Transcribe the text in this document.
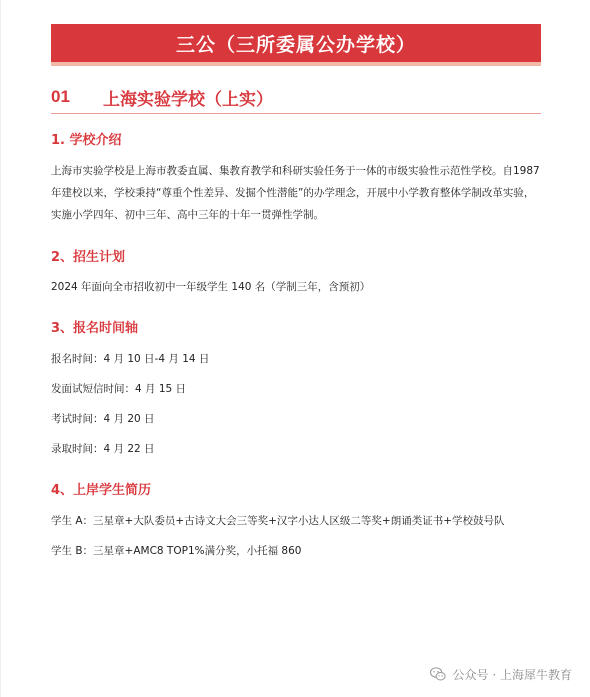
三公（三所委属公办学校）
01	上海实验学校（上实）
1. 学校介绍
上海市实验学校是上海市教委直属、集教育教学和科研实验任务于一体的市级实验性示范性学校。自1987年建校以来，学校秉持“尊重个性差异、发掘个性潜能”的办学理念，开展中小学教育整体学制改革实验，实施小学四年、初中三年、高中三年的十年一贯弹性学制。
2、招生计划
2024 年面向全市招收初中一年级学生 140 名（学制三年，含预初）
3、报名时间轴
报名时间：4 月 10 日-4 月 14 日
发面试短信时间：4 月 15 日
考试时间：4 月 20 日
录取时间：4 月 22 日
4、上岸学生简历
学生 A：三星章+大队委员+古诗文大会三等奖+汉字小达人区级二等奖+朗诵类证书+学校鼓号队
学生 B：三星章+AMC8 TOP1%满分奖，小托福 860
公众号 · 上海犀牛教育
